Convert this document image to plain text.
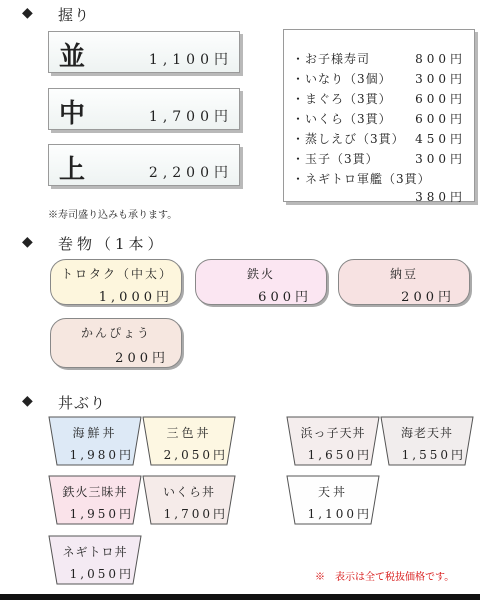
◆ 握り
並	1,100円
中	1,700円
上	2,200円
※寿司盛り込みも承ります。
・お子様寿司	800円
・いなり（3個） 300円
・まぐろ（3貫） 600円
・いくら（3貫） 600円
・蒸しえび（3貫） 450円
・玉子（3貫）	300円
・ネギトロ軍艦（3貫）
380円
◆ 巻物（1本）
トロタク（中太）
1,000円
鉄火
600円
納豆
200円
かんぴょう
200円
◆ 丼ぶり
海鮮丼
1,980円
三色丼
2,050円
浜っ子天丼
1,650円
海老天丼
1,550円
鉄火三昧丼
1,950円
いくら丼
1,700円
天丼
1,100円
ネギトロ丼
1,050円	※　表示は全て税抜価格です。
